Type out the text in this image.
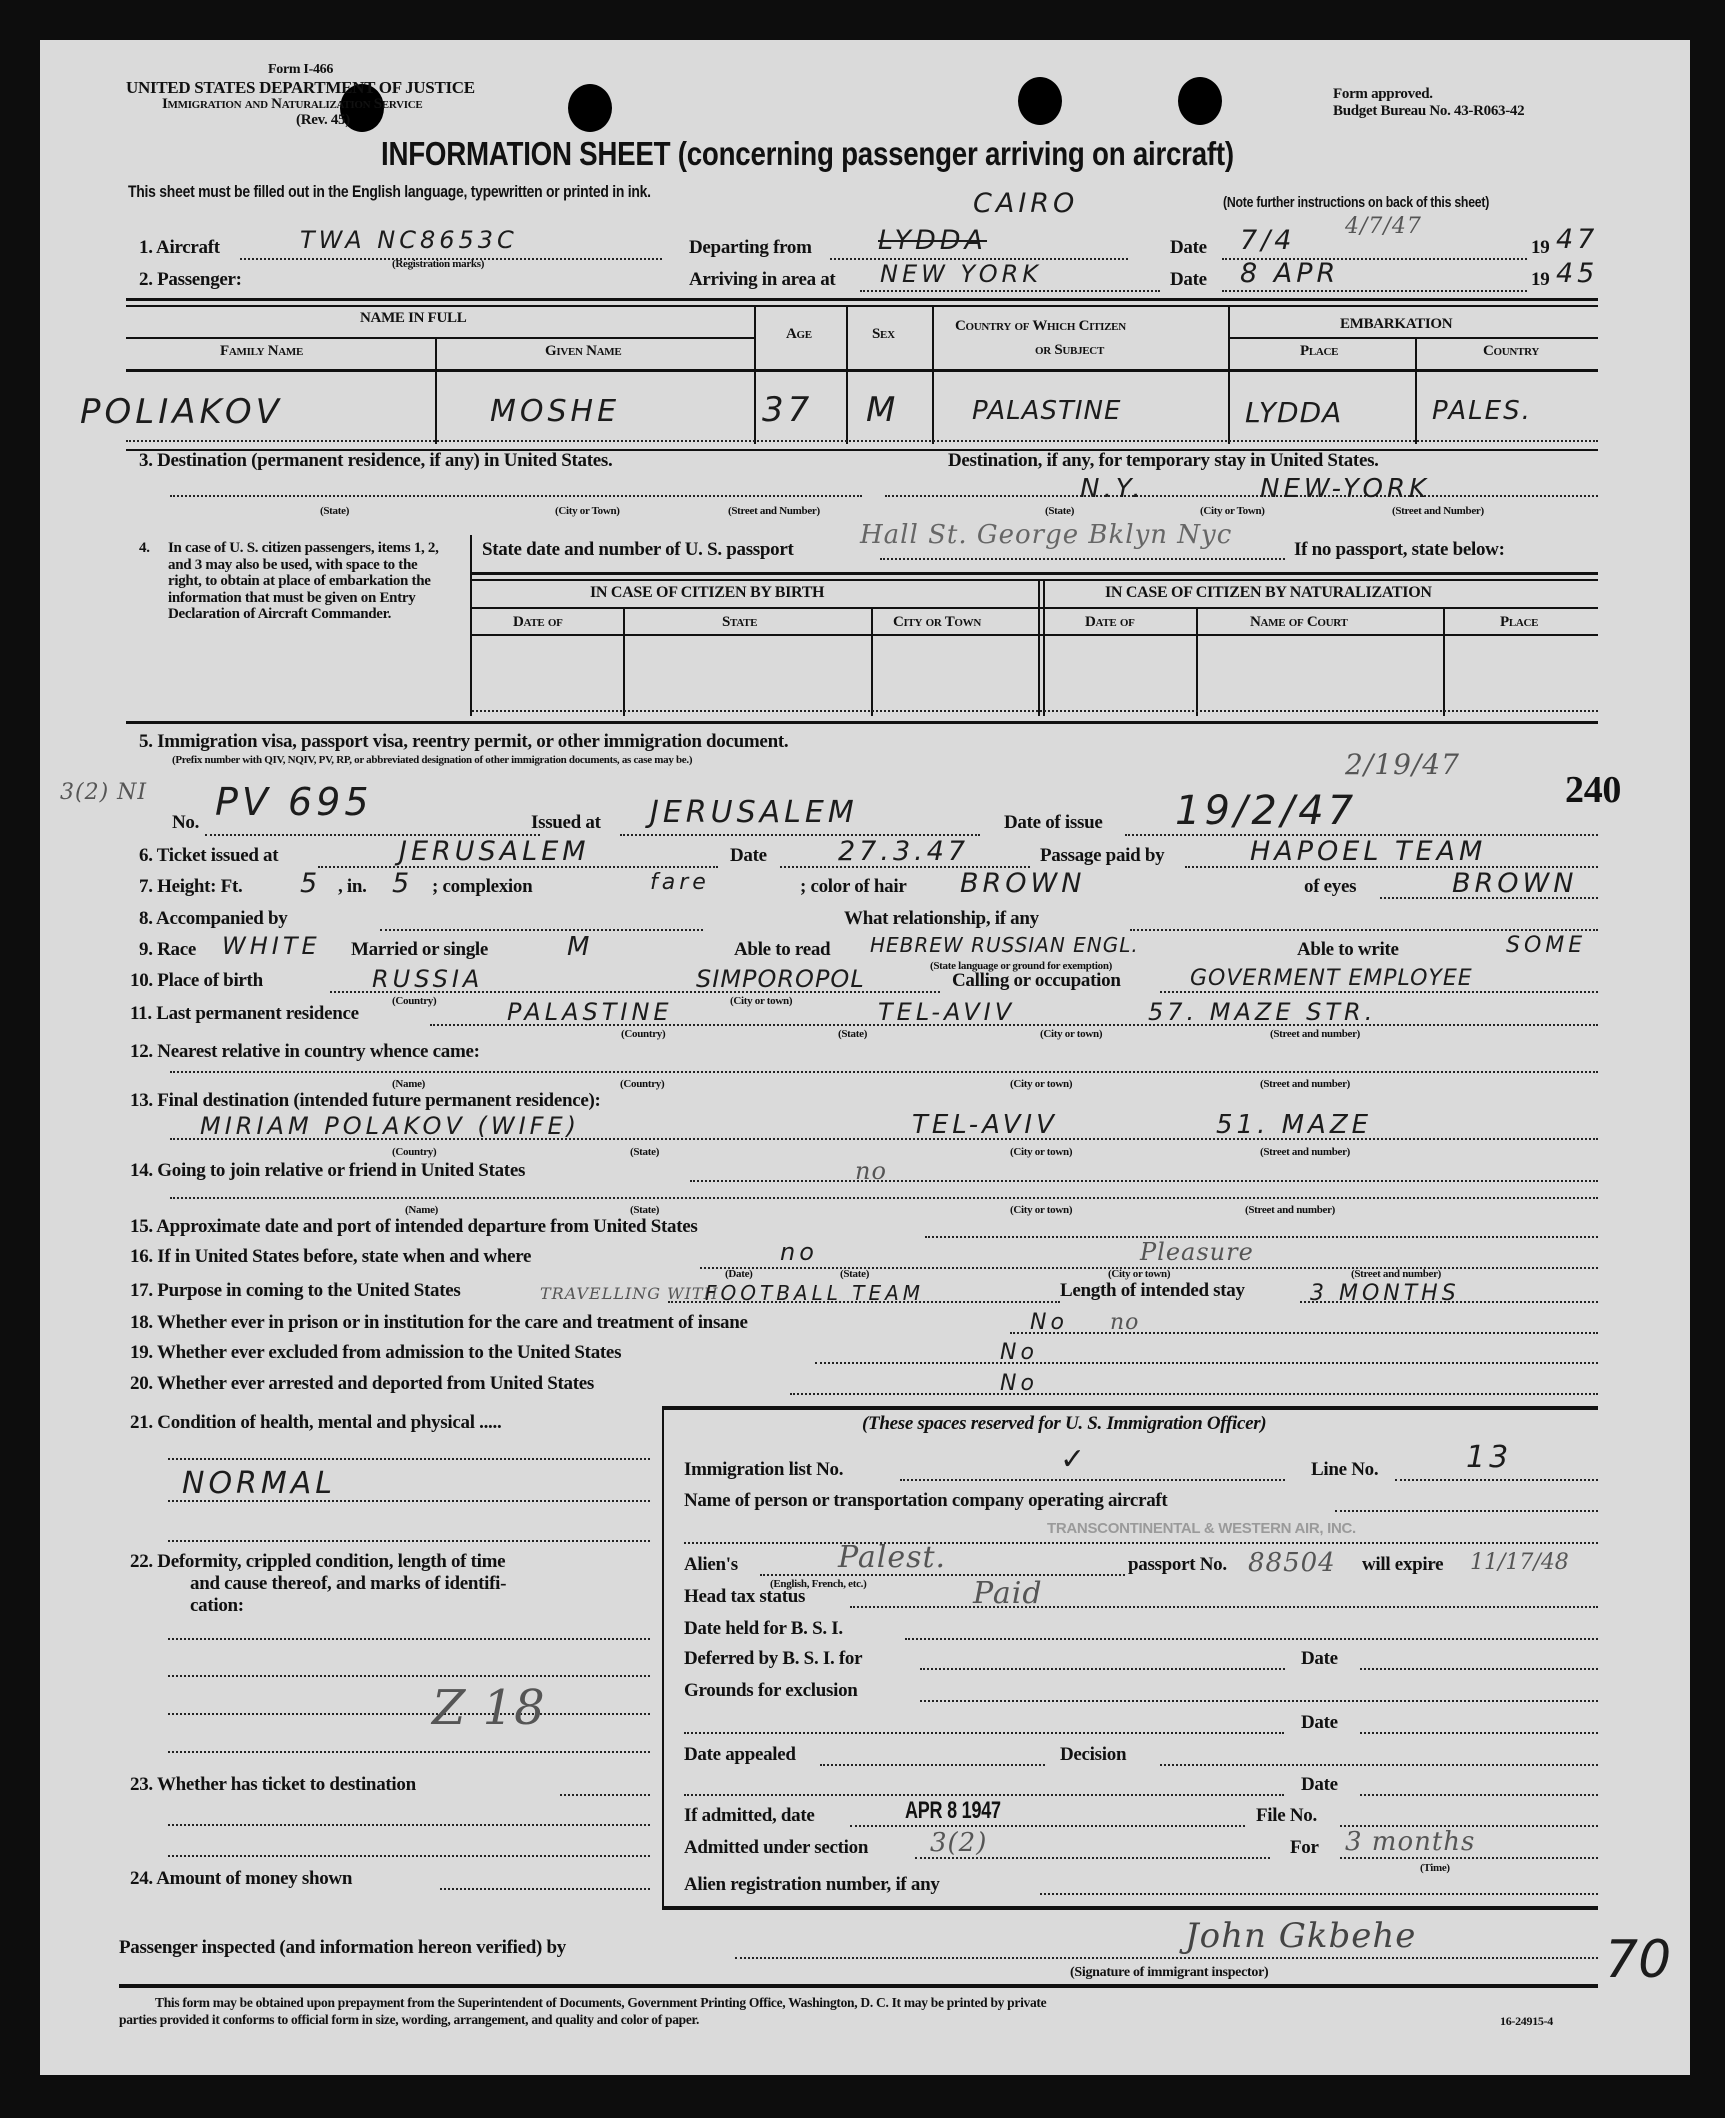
Form I-466
UNITED STATES DEPARTMENT OF JUSTICE
Immigration and Naturalization Service
(Rev. 45)
Form approved.
Budget Bureau No. 43-R063-42
INFORMATION SHEET (concerning passenger arriving on aircraft)
This sheet must be filled out in the English language, typewritten or printed in ink.
(Note further instructions on back of this sheet)
1. Aircraft	TWA NC8653C
(Registration marks)
Departing from LYDDA
CAIRO
Date 7/4 4/7/47
19 47
2. Passenger:	Arriving in area at NEW YORK	Date 8 APR	19 45
NAME IN FULL
Family Name	Given Name
Age	Sex	Country of Which Citizen
or Subject
EMBARKATION
Place	Country
POLIAKOV	MOSHE	37 M	PALASTINE	LYDDA	PALES.
3. Destination (permanent residence, if any) in United States.	Destination, if any, for temporary stay in United States.
(State)	(City or Town)	(Street and Number)	(State)	(City or Town)	(Street and Number)
N.Y.	NEW-YORK
Hall St. George Bklyn Nyc
4. In case of U. S. citizen passengers, items 1, 2, and 3 may also be used, with space to the right, to obtain at place of embarkation the information that must be given on Entry Declaration of Aircraft Commander.
State date and number of U. S. passport	If no passport, state below:
IN CASE OF CITIZEN BY BIRTH	IN CASE OF CITIZEN BY NATURALIZATION
Date of	State	City or Town	Date of	Name of Court	Place
5. Immigration visa, passport visa, reentry permit, or other immigration document.
(Prefix number with QIV, NQIV, PV, RP, or abbreviated designation of other immigration documents, as case may be.)
240
2/19/47
3(2) NI
No. PV 695	Issued at JERUSALEM	Date of issue 19/2/47
6. Ticket issued at	JERUSALEM	Date	27.3.47	Passage paid by	HAPOEL TEAM
7. Height: Ft. 5 , in. 5 ; complexion	fare	; color of hair BROWN	of eyes	BROWN
8. Accompanied by	What relationship, if any
9. Race WHITE Married or single	M	Able to read HEBREW RUSSIAN ENGL.
(State language or ground for exemption)
Able to write	SOME
10. Place of birth	RUSSIA	SIMPOROPOL	Calling or occupation	GOVERMENT EMPLOYEE
(Country)	(City or town)
11. Last permanent residence	PALASTINE	TEL-AVIV	57. MAZE STR.
(Country)	(State)	(City or town)	(Street and number)
12. Nearest relative in country whence came:
(Name)	(Country)	(City or town)	(Street and number)
13. Final destination (intended future permanent residence):
MIRIAM POLAKOV (WIFE)	TEL-AVIV	51. MAZE
(Country)	(State)	(City or town)	(Street and number)
14. Going to join relative or friend in United States	no
(Name)	(State)	(City or town)	(Street and number)
15. Approximate date and port of intended departure from United States
16. If in United States before, state when and where	no	Pleasure
(Date)	(State)	(City or town)	(Street and number)
17. Purpose in coming to the United States	TRAVELLING WITH
FOOTBALL TEAM	Length of intended stay	3 MONTHS
18. Whether ever in prison or in institution for the care and treatment of insane	No no
19. Whether ever excluded from admission to the United States	No
20. Whether ever arrested and deported from United States	No
21. Condition of health, mental and physical .....
NORMAL
22. Deformity, crippled condition, length of time
and cause thereof, and marks of identifi-
cation:
Z 18
23. Whether has ticket to destination
24. Amount of money shown
(These spaces reserved for U. S. Immigration Officer)
Immigration list No.	✓	Line No.	13
Name of person or transportation company operating aircraft
TRANSCONTINENTAL & WESTERN AIR, INC.
Alien's	Palest.
(English, French, etc.)
passport No. 88504 will expire 11/17/48
Head tax status	Paid
Date held for B. S. I.
Deferred by B. S. I. for	Date
Grounds for exclusion
Date
Date appealed	Decision
Date
APR 8 1947
If admitted, date	File No.
Admitted under section 3(2)	For 3 months
(Time)
Alien registration number, if any
Passenger inspected (and information hereon verified) by	John Gkbehe
(Signature of immigrant inspector)	70
This form may be obtained upon prepayment from the Superintendent of Documents, Government Printing Office, Washington, D. C. It may be printed by private
parties provided it conforms to official form in size, wording, arrangement, and quality and color of paper.	16-24915-4
